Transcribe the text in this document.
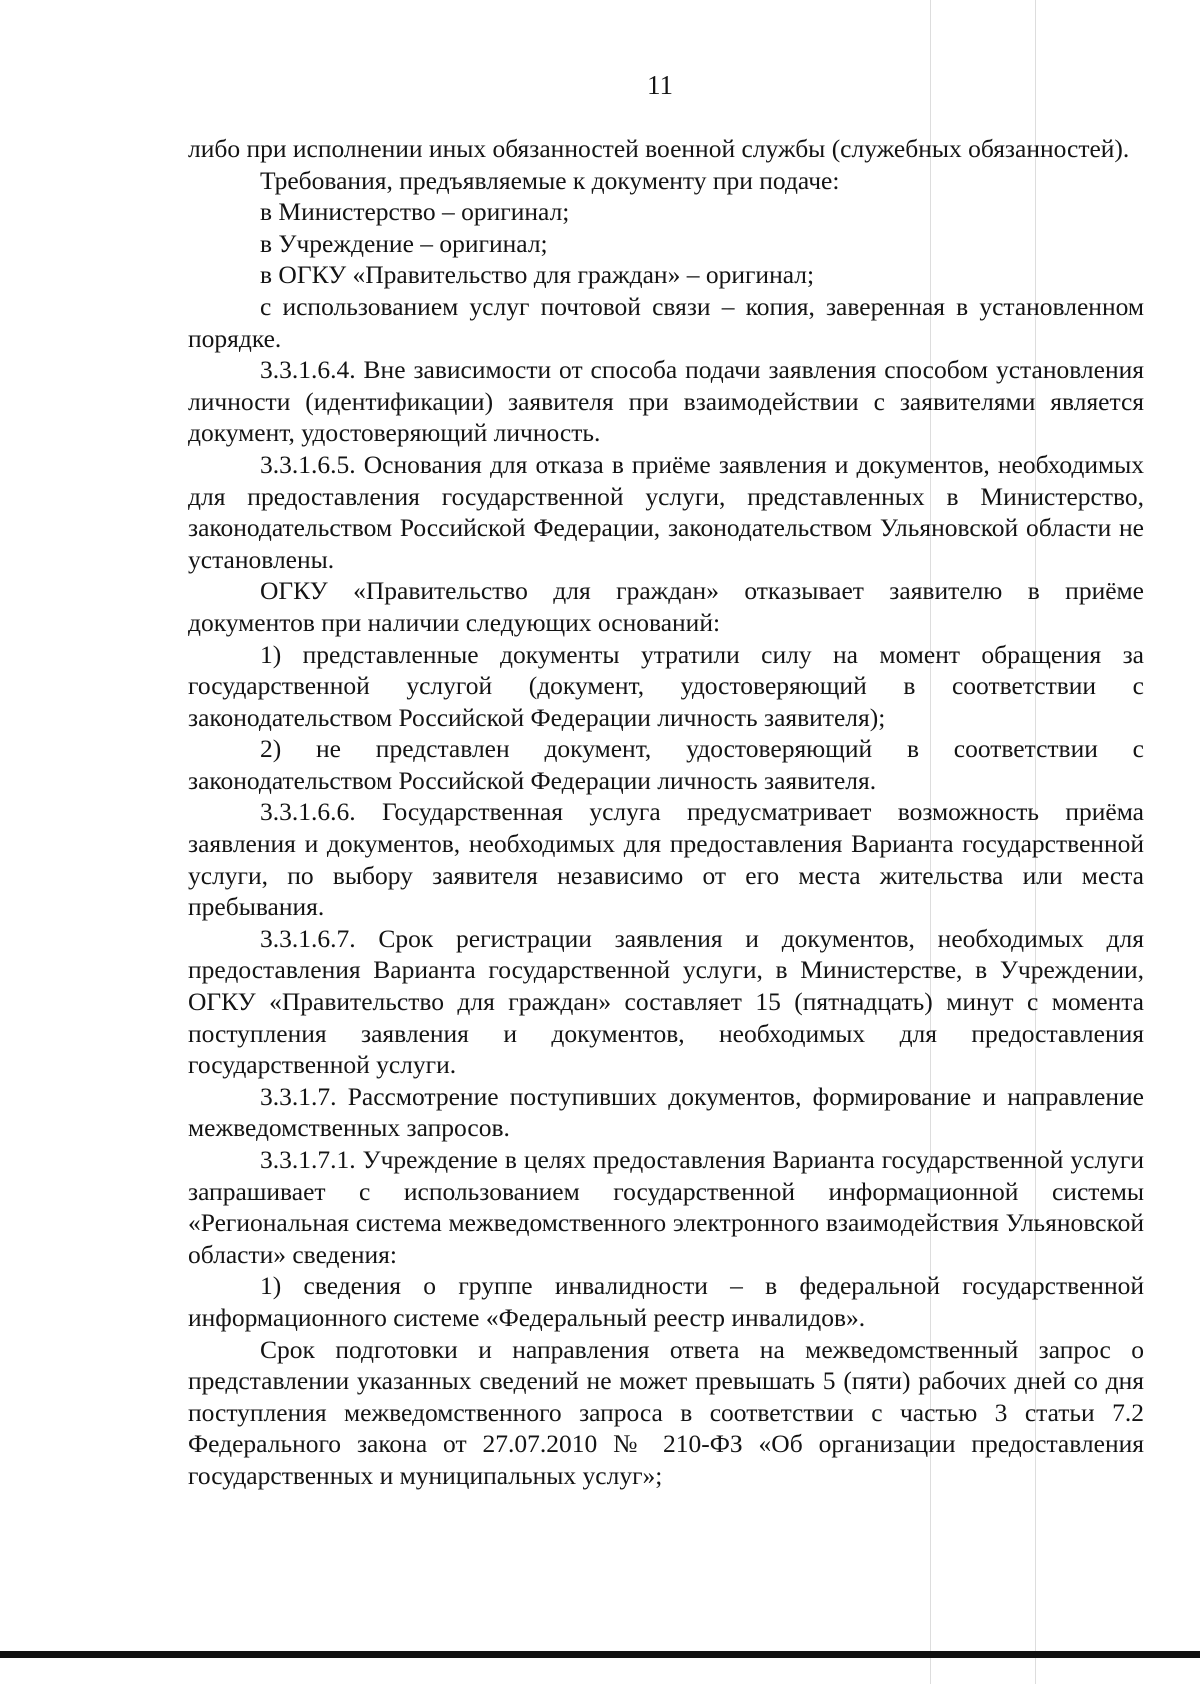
11

либо при исполнении иных обязанностей военной службы (служебных обязанностей).

Требования, предъявляемые к документу при подаче:

в Министерство – оригинал;

в Учреждение – оригинал;

в ОГКУ «Правительство для граждан» – оригинал;

с использованием услуг почтовой связи – копия, заверенная в установленном порядке.

3.3.1.6.4. Вне зависимости от способа подачи заявления способом установления личности (идентификации) заявителя при взаимодействии с заявителями является документ, удостоверяющий личность.

3.3.1.6.5. Основания для отказа в приёме заявления и документов, необходимых для предоставления государственной услуги, представленных в Министерство, законодательством Российской Федерации, законодательством Ульяновской области не установлены.

ОГКУ «Правительство для граждан» отказывает заявителю в приёме документов при наличии следующих оснований:

1) представленные документы утратили силу на момент обращения за государственной услугой (документ, удостоверяющий в соответствии с законодательством Российской Федерации личность заявителя);

2) не представлен документ, удостоверяющий в соответствии с законодательством Российской Федерации личность заявителя.

3.3.1.6.6. Государственная услуга предусматривает возможность приёма заявления и документов, необходимых для предоставления Варианта государственной услуги, по выбору заявителя независимо от его места жительства или места пребывания.

3.3.1.6.7. Срок регистрации заявления и документов, необходимых для предоставления Варианта государственной услуги, в Министерстве, в Учреждении, ОГКУ «Правительство для граждан» составляет 15 (пятнадцать) минут с момента поступления заявления и документов, необходимых для предоставления государственной услуги.

3.3.1.7. Рассмотрение поступивших документов, формирование и направление межведомственных запросов.

3.3.1.7.1. Учреждение в целях предоставления Варианта государственной услуги запрашивает с использованием государственной информационной системы «Региональная система межведомственного электронного взаимодействия Ульяновской области» сведения:

1) сведения о группе инвалидности – в федеральной государственной информационного системе «Федеральный реестр инвалидов».

Срок подготовки и направления ответа на межведомственный запрос о представлении указанных сведений не может превышать 5 (пяти) рабочих дней со дня поступления межведомственного запроса в соответствии с частью 3 статьи 7.2 Федерального закона от 27.07.2010 № 210-ФЗ «Об организации предоставления государственных и муниципальных услуг»;
